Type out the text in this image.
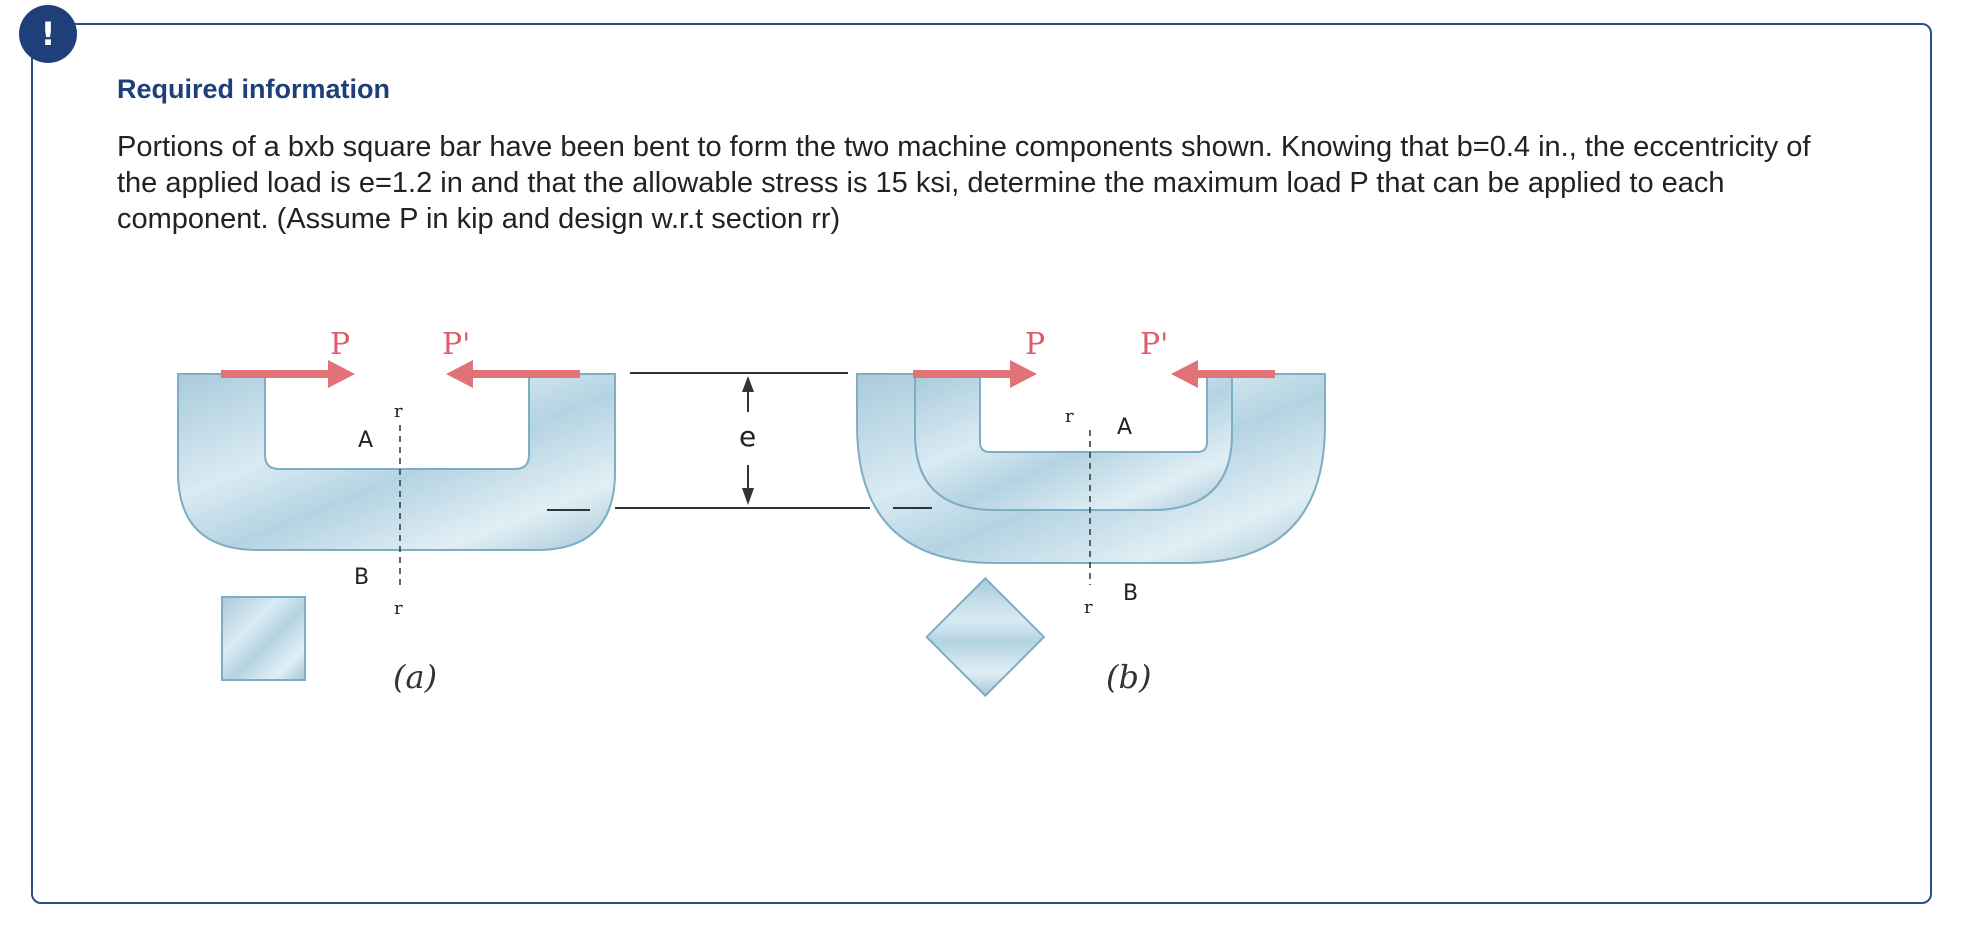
!
Required information

Portions of a bxb square bar have been bent to form the two machine components shown. Knowing that b=0.4 in., the eccentricity of the applied load is e=1.2 in and that the allowable stress is 15 ksi, determine the maximum load P that can be applied to each component. (Assume P in kip and design w.r.t section rr)

P	P'
A
B
r
r
(a)
e
P	P'
A
B
r
r
(b)
